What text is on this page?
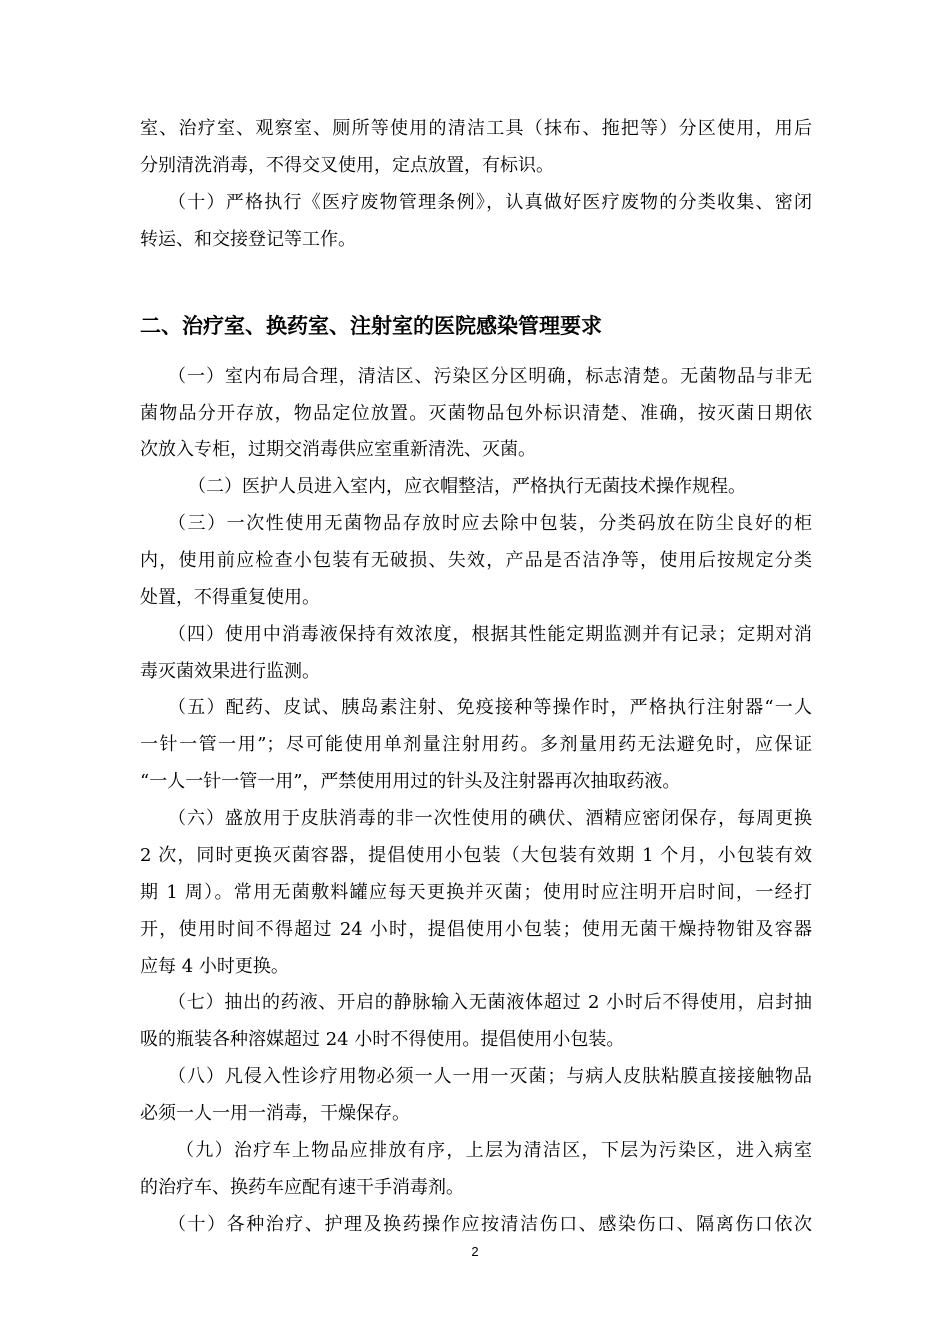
室、治疗室、观察室、厕所等使用的清洁工具（抹布、拖把等）分区使用，用后
分别清洗消毒，不得交叉使用，定点放置，有标识。
（十）严格执行《医疗废物管理条例》，认真做好医疗废物的分类收集、密闭
转运、和交接登记等工作。
二、治疗室、换药室、注射室的医院感染管理要求
（一）室内布局合理，清洁区、污染区分区明确，标志清楚。无菌物品与非无
菌物品分开存放，物品定位放置。灭菌物品包外标识清楚、准确，按灭菌日期依
次放入专柜，过期交消毒供应室重新清洗、灭菌。
（二）医护人员进入室内，应衣帽整洁，严格执行无菌技术操作规程。
（三）一次性使用无菌物品存放时应去除中包装，分类码放在防尘良好的柜
内，使用前应检查小包装有无破损、失效，产品是否洁净等，使用后按规定分类
处置，不得重复使用。
（四）使用中消毒液保持有效浓度，根据其性能定期监测并有记录；定期对消
毒灭菌效果进行监测。
（五）配药、皮试、胰岛素注射、免疫接种等操作时，严格执行注射器“一人
一针一管一用”；尽可能使用单剂量注射用药。多剂量用药无法避免时，应保证
“一人一针一管一用”，严禁使用用过的针头及注射器再次抽取药液。
（六）盛放用于皮肤消毒的非一次性使用的碘伏、酒精应密闭保存，每周更换
2 次，同时更换灭菌容器，提倡使用小包装（大包装有效期 1 个月，小包装有效
期 1 周）。常用无菌敷料罐应每天更换并灭菌；使用时应注明开启时间，一经打
开，使用时间不得超过 24 小时，提倡使用小包装；使用无菌干燥持物钳及容器
应每 4 小时更换。
（七）抽出的药液、开启的静脉输入无菌液体超过 2 小时后不得使用，启封抽
吸的瓶装各种溶媒超过 24 小时不得使用。提倡使用小包装。
（八）凡侵入性诊疗用物必须一人一用一灭菌；与病人皮肤粘膜直接接触物品
必须一人一用一消毒，干燥保存。
（九）治疗车上物品应排放有序，上层为清洁区，下层为污染区，进入病室
的治疗车、换药车应配有速干手消毒剂。
（十）各种治疗、护理及换药操作应按清洁伤口、感染伤口、隔离伤口依次
2
